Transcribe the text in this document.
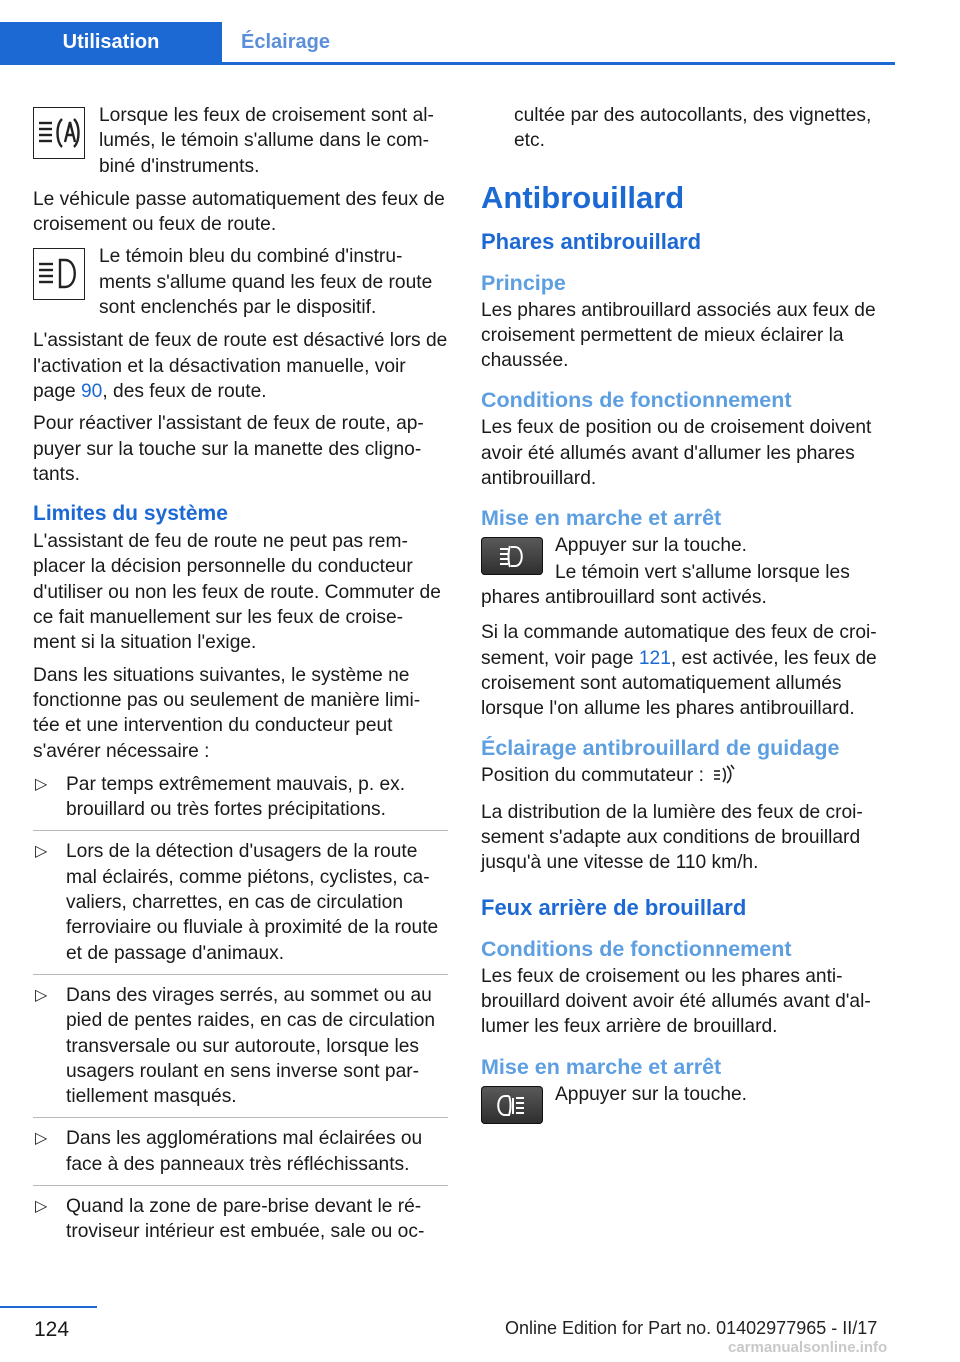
Utilisation	Éclairage

Lorsque les feux de croisement sont al‐ lumés, le témoin s'allume dans le com‐ biné d'instruments.

Le véhicule passe automatiquement des feux de croisement ou feux de route.

Le témoin bleu du combiné d'instru‐ ments s'allume quand les feux de route sont enclenchés par le dispositif.

L'assistant de feux de route est désactivé lors de l'activation et la désactivation manuelle, voir page 90, des feux de route.

Pour réactiver l'assistant de feux de route, ap‐ puyer sur la touche sur la manette des cligno‐ tants.

Limites du système

L'assistant de feu de route ne peut pas rem‐ placer la décision personnelle du conducteur d'utiliser ou non les feux de route. Commuter de ce fait manuellement sur les feux de croise‐ ment si la situation l'exige.

Dans les situations suivantes, le système ne fonctionne pas ou seulement de manière limi‐ tée et une intervention du conducteur peut s'avérer nécessaire :

▷ Par temps extrêmement mauvais, p. ex. brouillard ou très fortes précipitations.
▷ Lors de la détection d'usagers de la route mal éclairés, comme piétons, cyclistes, ca‐ valiers, charrettes, en cas de circulation ferroviaire ou fluviale à proximité de la route et de passage d'animaux.
▷ Dans des virages serrés, au sommet ou au pied de pentes raides, en cas de circulation transversale ou sur autoroute, lorsque les usagers roulant en sens inverse sont par‐ tiellement masqués.
▷ Dans les agglomérations mal éclairées ou face à des panneaux très réfléchissants.
▷ Quand la zone de pare-brise devant le ré‐ troviseur intérieur est embuée, sale ou oc‐

cultée par des autocollants, des vignettes, etc.

Antibrouillard
Phares antibrouillard
Principe

Les phares antibrouillard associés aux feux de croisement permettent de mieux éclairer la chaussée.

Conditions de fonctionnement

Les feux de position ou de croisement doivent avoir été allumés avant d'allumer les phares antibrouillard.

Mise en marche et arrêt

Appuyer sur la touche.

Le témoin vert s'allume lorsque les phares antibrouillard sont activés.

Si la commande automatique des feux de croi‐ sement, voir page 121, est activée, les feux de croisement sont automatiquement allumés lorsque l'on allume les phares antibrouillard.

Éclairage antibrouillard de guidage

Position du commutateur :

La distribution de la lumière des feux de croi‐ sement s'adapte aux conditions de brouillard jusqu'à une vitesse de 110 km/h.

Feux arrière de brouillard
Conditions de fonctionnement

Les feux de croisement ou les phares anti‐ brouillard doivent avoir été allumés avant d'al‐ lumer les feux arrière de brouillard.

Mise en marche et arrêt

Appuyer sur la touche.

124	Online Edition for Part no. 01402977965 - II/17
carmanualsonline.info
